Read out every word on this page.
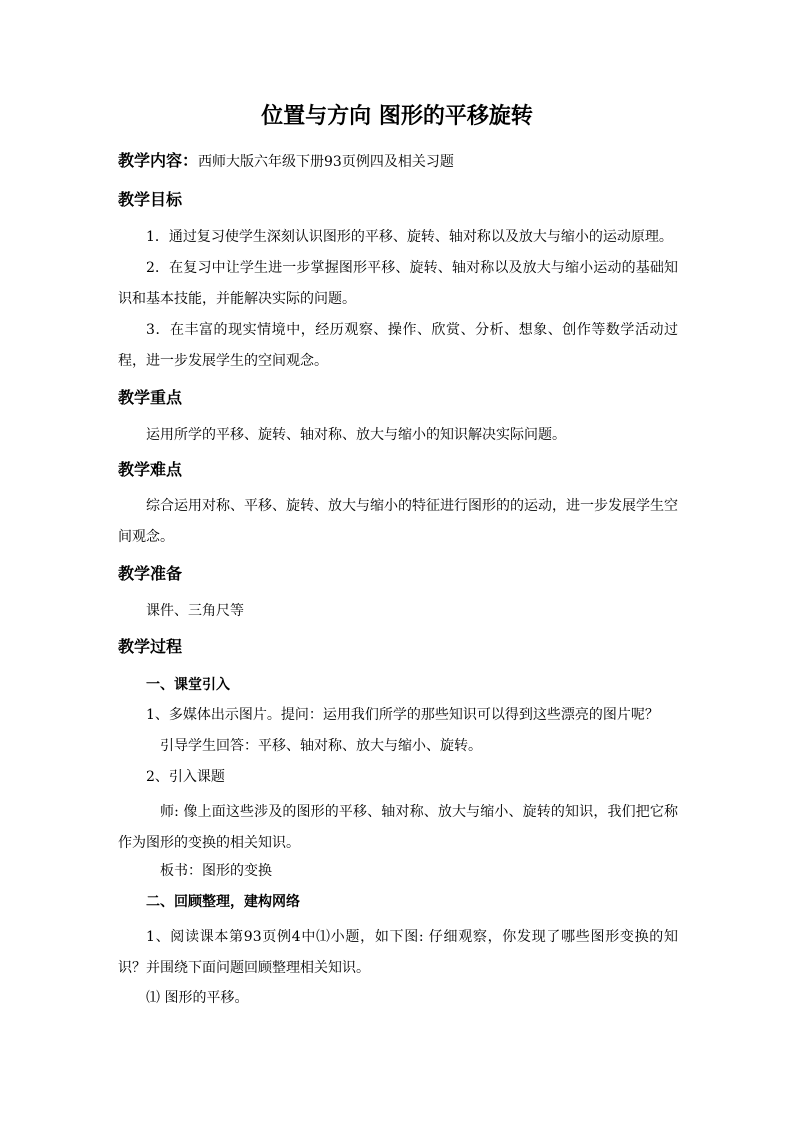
位置与方向 图形的平移旋转
教学内容：西师大版六年级下册93页例四及相关习题
教学目标
1．通过复习使学生深刻认识图形的平移、旋转、轴对称以及放大与缩小的运动原理。
2．在复习中让学生进一步掌握图形平移、旋转、轴对称以及放大与缩小运动的基础知识和基本技能，并能解决实际的问题。
3．在丰富的现实情境中，经历观察、操作、欣赏、分析、想象、创作等数学活动过程，进一步发展学生的空间观念。
教学重点
运用所学的平移、旋转、轴对称、放大与缩小的知识解决实际问题。
教学难点
综合运用对称、平移、旋转、放大与缩小的特征进行图形的的运动，进一步发展学生空间观念。
教学准备
课件、三角尺等
教学过程
一、课堂引入
1、多媒体出示图片。提问：运用我们所学的那些知识可以得到这些漂亮的图片呢？
引导学生回答：平移、轴对称、放大与缩小、旋转。
2、引入课题
师: 像上面这些涉及的图形的平移、轴对称、放大与缩小、旋转的知识，我们把它称作为图形的变换的相关知识。
板书：图形的变换
二、回顾整理，建构网络
1、阅读课本第93页例4中⑴小题，如下图: 仔细观察，你发现了哪些图形变换的知识？并围绕下面问题回顾整理相关知识。
⑴ 图形的平移。
